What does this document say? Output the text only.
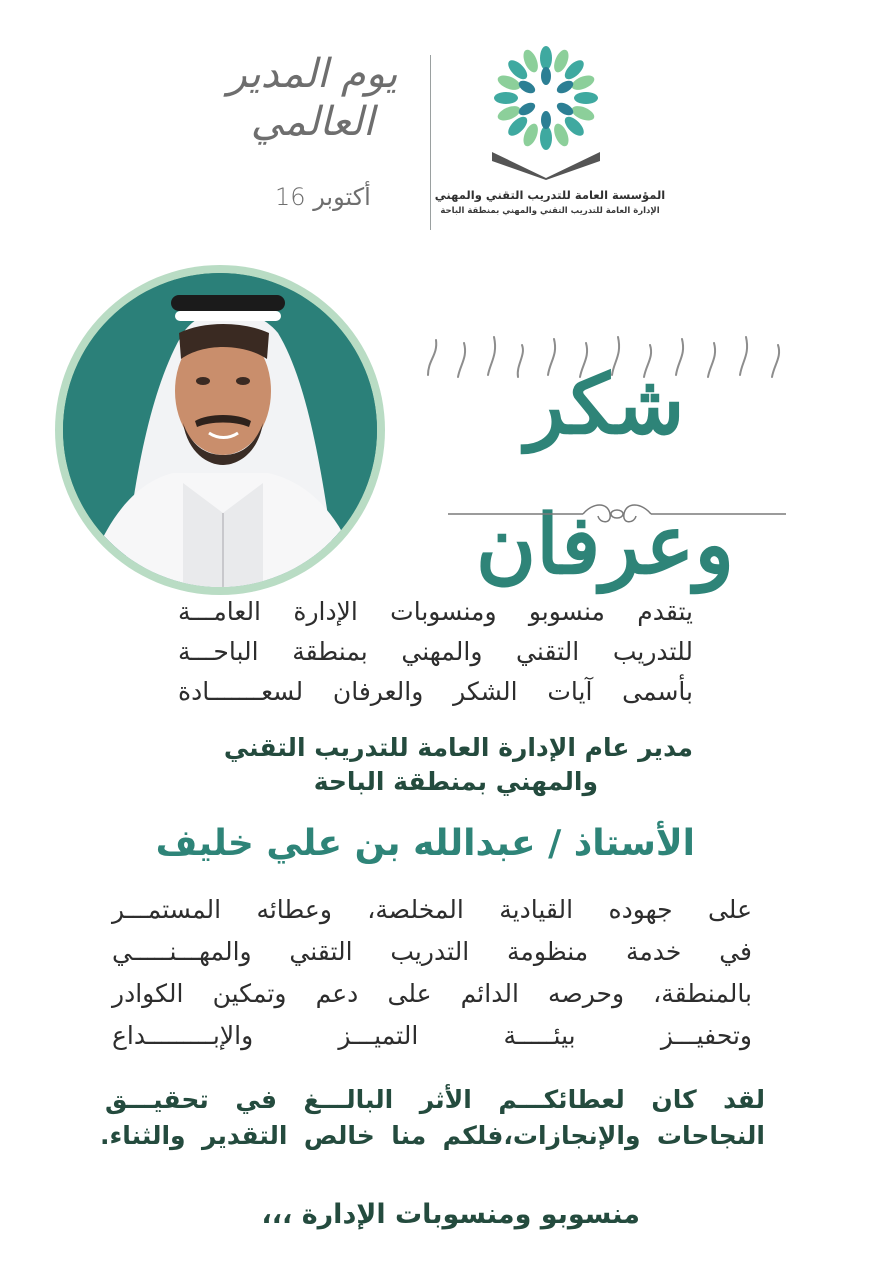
المؤسسة العامة للتدريب التقني والمهني
الإدارة العامة للتدريب التقني والمهني بمنطقة الباحة
يوم المدير العالمي
أكتوبر 16
شكر وعرفان
يتقدم منسوبو ومنسوبات الإدارة العامـــة
للتدريب التقني والمهني بمنطقة الباحـــة
بأسمى آيات الشكر والعرفان لسعـــــــادة
مدير عام الإدارة العامة للتدريب التقني
والمهني بمنطقة الباحة
الأستاذ / عبدالله بن علي خليف
على جهوده القيادية المخلصة، وعطائه المستمـــر
في خدمة منظومة التدريب التقني والمهـــنـــــي
بالمنطقة، وحرصه الدائم على دعم وتمكين الكوادر
وتحفيـــز بيئـــــة التميـــز والإبـــــــــداع
لقد كان لعطائكـــم الأثر البالـــغ في تحقيـــق
النجاحات والإنجازات،فلكم منا خالص التقدير والثناء.
منسوبو ومنسوبات الإدارة ،،،
